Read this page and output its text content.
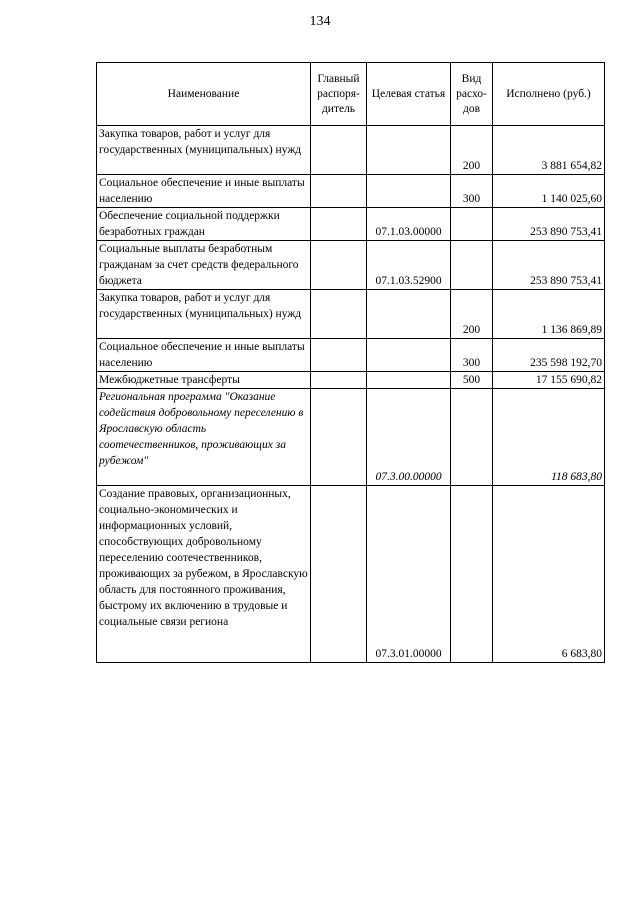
134
Наименование	Главный распоря-дитель	Целевая статья	Вид расхо-дов	Исполнено (руб.)
Закупка товаров, работ и услуг для государственных (муниципальных) нужд			200	3 881 654,82
Социальное обеспечение и иные выплаты населению			300	1 140 025,60
Обеспечение социальной поддержки безработных граждан		07.1.03.00000		253 890 753,41
Социальные выплаты безработным гражданам за счет средств федерального бюджета		07.1.03.52900		253 890 753,41
Закупка товаров, работ и услуг для государственных (муниципальных) нужд			200	1 136 869,89
Социальное обеспечение и иные выплаты населению			300	235 598 192,70
Межбюджетные трансферты			500	17 155 690,82
Региональная программа "Оказание содействия добровольному переселению в Ярославскую область соотечественников, проживающих за рубежом"		07.3.00.00000		118 683,80
Создание правовых, организационных, социально-экономических и информационных условий, способствующих добровольному переселению соотечественников, проживающих за рубежом, в Ярославскую область для постоянного проживания, быстрому их включению в трудовые и социальные связи региона		07.3.01.00000		6 683,80
